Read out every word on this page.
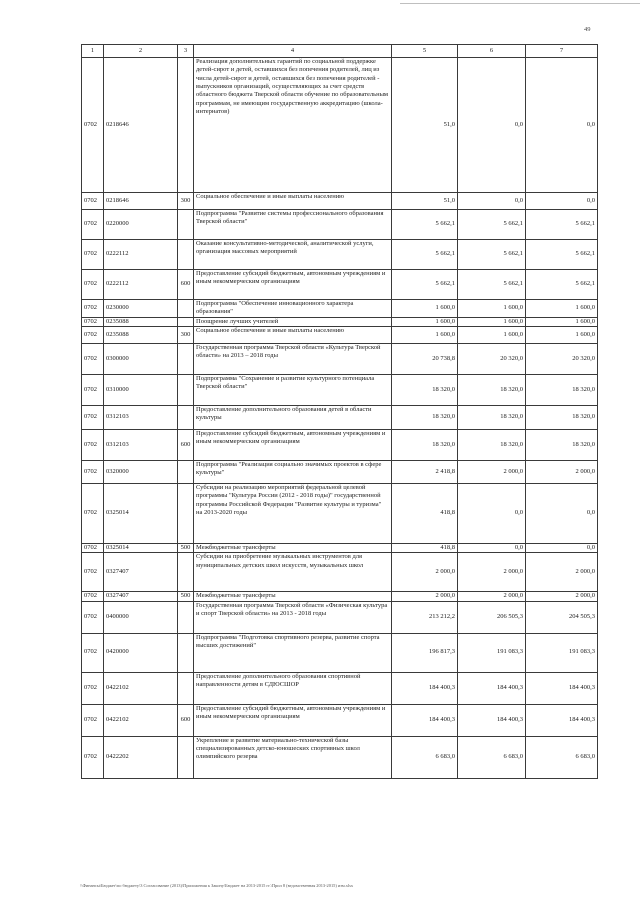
49
1	2	3	4	5	6	7
0702	0218646		Реализация дополнительных гарантий по социальной поддержке детей-сирот и детей, оставшихся без попечения родителей, лиц из числа детей-сирот и детей, оставшихся без попечения родителей - выпускников организаций, осуществляющих за счет средств областного бюджета Тверской области обучение по образовательным программам, не имеющим государственную аккредитацию (школа-интернатов)	51,0	0,0	0,0
0702	0218646	300	Социальное обеспечение и иные выплаты населению	51,0	0,0	0,0
0702	0220000		Подпрограмма "Развитие системы профессионального образования Тверской области"	5 662,1	5 662,1	5 662,1
0702	0222112		Оказание консультативно-методической, аналитической услуги, организация массовых мероприятий	5 662,1	5 662,1	5 662,1
0702	0222112	600	Предоставление субсидий бюджетным, автономным учреждениям и иным некоммерческим организациям	5 662,1	5 662,1	5 662,1
0702	0230000		Подпрограмма "Обеспечение инновационного характера образования"	1 600,0	1 600,0	1 600,0
0702	0235088		Поощрение лучших учителей	1 600,0	1 600,0	1 600,0
0702	0235088	300	Социальное обеспечение и иные выплаты населению	1 600,0	1 600,0	1 600,0
0702	0300000		Государственная программа Тверской области «Культура Тверской области» на 2013 – 2018 годы	20 738,8	20 320,0	20 320,0
0702	0310000		Подпрограмма "Сохранение и развитие культурного потенциала Тверской области"	18 320,0	18 320,0	18 320,0
0702	0312103		Предоставление дополнительного образования детей в области культуры	18 320,0	18 320,0	18 320,0
0702	0312103	600	Предоставление субсидий бюджетным, автономным учреждениям и иным некоммерческим организациям	18 320,0	18 320,0	18 320,0
0702	0320000		Подпрограмма "Реализация социально значимых проектов в сфере культуры"	2 418,8	2 000,0	2 000,0
0702	0325014		Субсидии на реализацию мероприятий федеральной целевой программы "Культура России (2012 - 2018 годы)" государственной программы Российской Федерации "Развитие культуры и туризма" на 2013-2020 годы	418,8	0,0	0,0
0702	0325014	500	Межбюджетные трансферты	418,8	0,0	0,0
0702	0327407		Субсидии на приобретение музыкальных инструментов для муниципальных детских школ искусств, музыкальных школ	2 000,0	2 000,0	2 000,0
0702	0327407	500	Межбюджетные трансферты	2 000,0	2 000,0	2 000,0
0702	0400000		Государственная программа Тверской области «Физическая культура и спорт Тверской области» на 2013 - 2018 годы	213 212,2	206 505,3	204 505,3
0702	0420000		Подпрограмма "Подготовка спортивного резерва, развитие спорта высших достижений"	196 817,3	191 083,3	191 083,3
0702	0422102		Предоставление дополнительного образования спортивной направленности детям в СДЮСШОР	184 400,3	184 400,3	184 400,3
0702	0422102	600	Предоставление субсидий бюджетным, автономным учреждениям и иным некоммерческим организациям	184 400,3	184 400,3	184 400,3
0702	0422202		Укрепление и развитие материально-технической базы специализированных детско-юношеских спортивных школ олимпийского резерва	6 683,0	6 683,0	6 683,0
\\Финансы\Бюджет\по бюджету\3 Согласование (2013)\Приложения к Закону\Бюджет на 2013-2015 гг.\Прил 8 (ведомственная 2013-2015) изм.xlsx
